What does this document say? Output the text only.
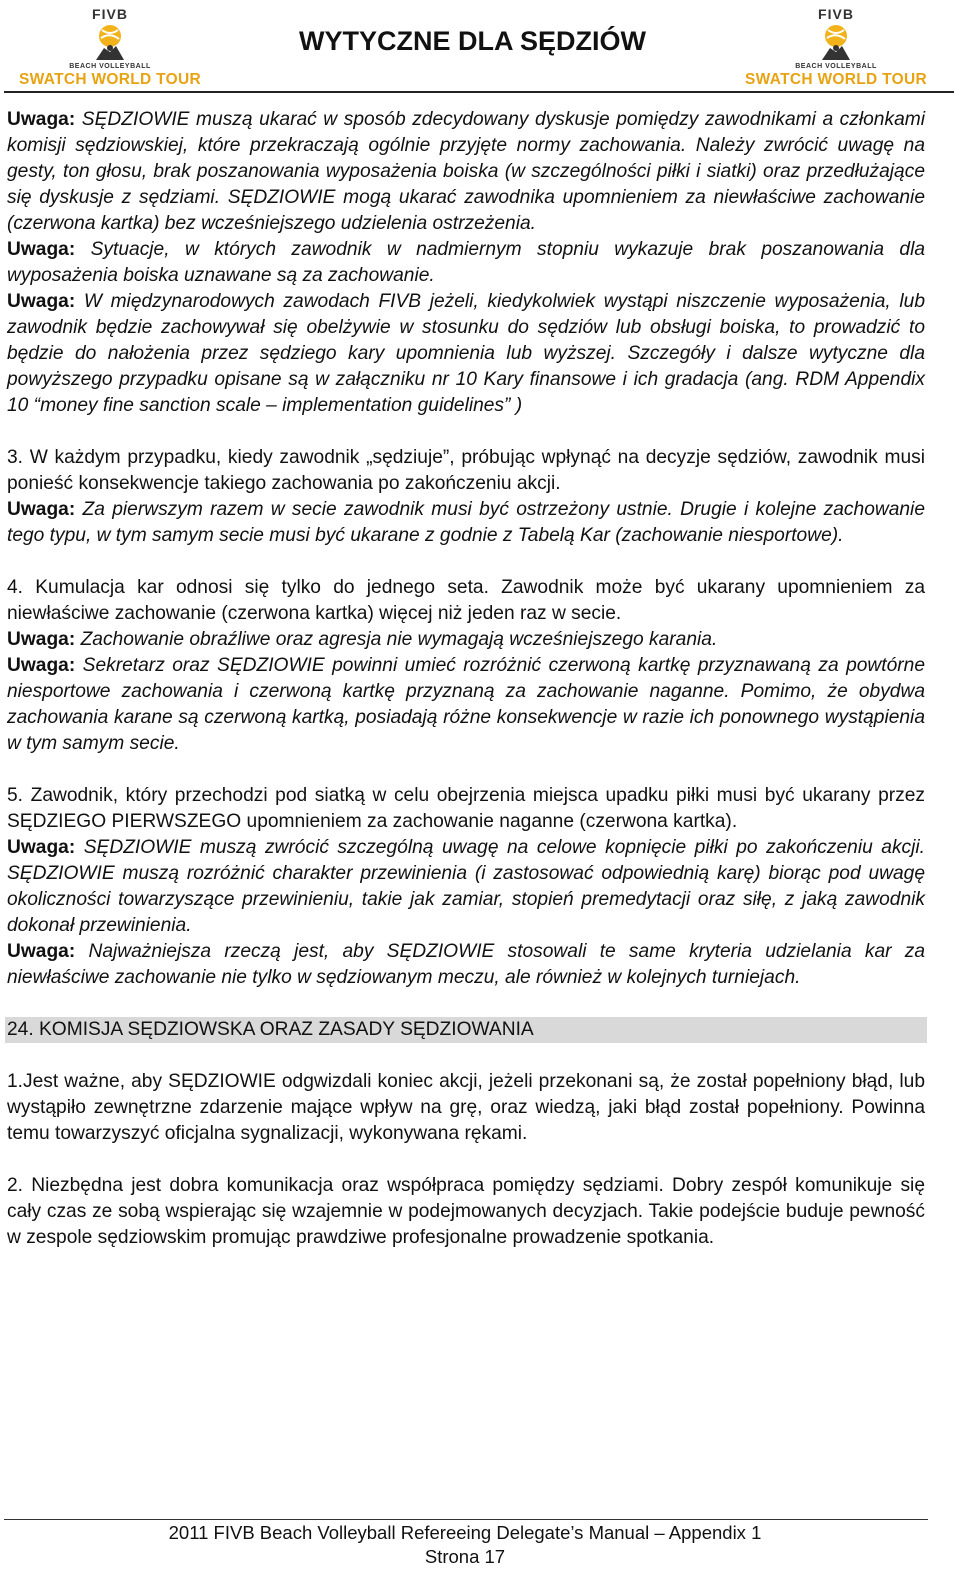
FIVB
BEACH VOLLEYBALL
SWATCH WORLD TOUR
WYTYCZNE DLA SĘDZIÓW
FIVB
BEACH VOLLEYBALL
SWATCH WORLD TOUR

Uwaga: SĘDZIOWIE muszą ukarać w sposób zdecydowany dyskusje pomiędzy zawodnikami a członkami komisji sędziowskiej, które przekraczają ogólnie przyjęte normy zachowania. Należy zwrócić uwagę na gesty, ton głosu, brak poszanowania wyposażenia boiska (w szczególności piłki i siatki) oraz przedłużające się dyskusje z sędziami. SĘDZIOWIE mogą ukarać zawodnika upomnieniem za niewłaściwe zachowanie (czerwona kartka) bez wcześniejszego udzielenia ostrzeżenia.

Uwaga: Sytuacje, w których zawodnik w nadmiernym stopniu wykazuje brak poszanowania dla wyposażenia boiska uznawane są za zachowanie.

Uwaga: W międzynarodowych zawodach FIVB jeżeli, kiedykolwiek wystąpi niszczenie wyposażenia, lub zawodnik będzie zachowywał się obelżywie w stosunku do sędziów lub obsługi boiska, to prowadzić to będzie do nałożenia przez sędziego kary upomnienia lub wyższej. Szczegóły i dalsze wytyczne dla powyższego przypadku opisane są w załączniku nr 10 Kary finansowe i ich gradacja (ang. RDM Appendix 10 “money fine sanction scale – implementation guidelines” )

3. W każdym przypadku, kiedy zawodnik „sędziuje”, próbując wpłynąć na decyzje sędziów, zawodnik musi ponieść konsekwencje takiego zachowania po zakończeniu akcji.

Uwaga: Za pierwszym razem w secie zawodnik musi być ostrzeżony ustnie. Drugie i kolejne zachowanie tego typu, w tym samym secie musi być ukarane z godnie z Tabelą Kar (zachowanie niesportowe).

4. Kumulacja kar odnosi się tylko do jednego seta. Zawodnik może być ukarany upomnieniem za niewłaściwe zachowanie (czerwona kartka) więcej niż jeden raz w secie.

Uwaga: Zachowanie obraźliwe oraz agresja nie wymagają wcześniejszego karania.

Uwaga: Sekretarz oraz SĘDZIOWIE powinni umieć rozróżnić czerwoną kartkę przyznawaną za powtórne niesportowe zachowania i czerwoną kartkę przyznaną za zachowanie naganne. Pomimo, że obydwa zachowania karane są czerwoną kartką, posiadają różne konsekwencje w razie ich ponownego wystąpienia w tym samym secie.

5. Zawodnik, który przechodzi pod siatką w celu obejrzenia miejsca upadku piłki musi być ukarany przez SĘDZIEGO PIERWSZEGO upomnieniem za zachowanie naganne (czerwona kartka).

Uwaga: SĘDZIOWIE muszą zwrócić szczególną uwagę na celowe kopnięcie piłki po zakończeniu akcji. SĘDZIOWIE muszą rozróżnić charakter przewinienia (i zastosować odpowiednią karę) biorąc pod uwagę okoliczności towarzyszące przewinieniu, takie jak zamiar, stopień premedytacji oraz siłę, z jaką zawodnik dokonał przewinienia.

Uwaga: Najważniejsza rzeczą jest, aby SĘDZIOWIE stosowali te same kryteria udzielania kar za niewłaściwe zachowanie nie tylko w sędziowanym meczu, ale również w kolejnych turniejach.

24. KOMISJA SĘDZIOWSKA ORAZ ZASADY SĘDZIOWANIA

1.Jest ważne, aby SĘDZIOWIE odgwizdali koniec akcji, jeżeli przekonani są, że został popełniony błąd, lub wystąpiło zewnętrzne zdarzenie mające wpływ na grę, oraz wiedzą, jaki błąd został popełniony. Powinna temu towarzyszyć oficjalna sygnalizacji, wykonywana rękami.

2. Niezbędna jest dobra komunikacja oraz współpraca pomiędzy sędziami. Dobry zespół komunikuje się cały czas ze sobą wspierając się wzajemnie w podejmowanych decyzjach. Takie podejście buduje pewność w zespole sędziowskim promując prawdziwe profesjonalne prowadzenie spotkania.

2011 FIVB Beach Volleyball Refereeing Delegate’s Manual – Appendix 1
Strona 17
